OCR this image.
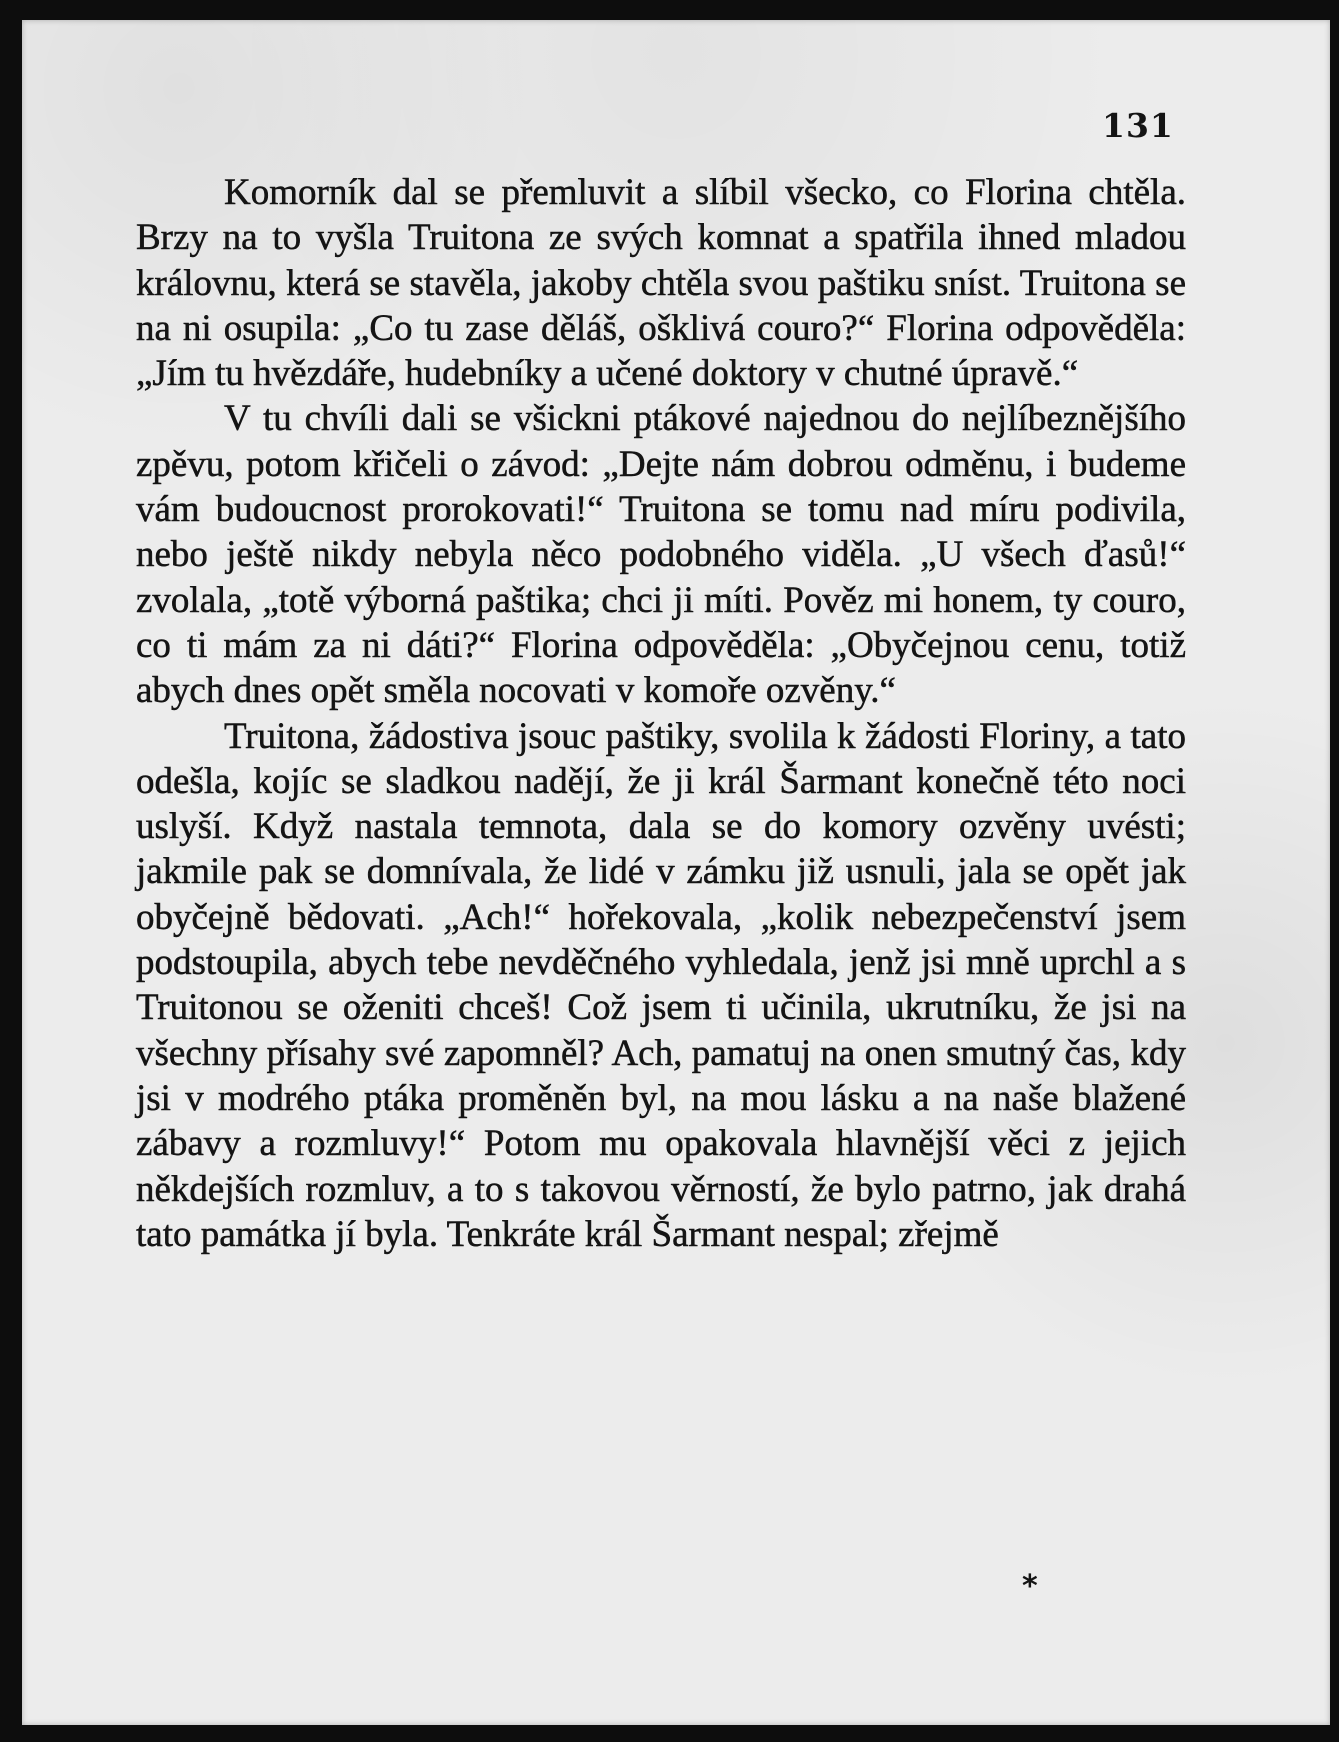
131

Komorník dal se přemluvit a slíbil všecko, co Florina chtěla. Brzy na to vyšla Truitona ze svých komnat a spatřila ihned mladou královnu, která se stavěla, jakoby chtěla svou paštiku sníst. Truitona se na ni osupila: „Co tu zase děláš, ošklivá couro?“ Florina odpověděla: „Jím tu hvězdáře, hudebníky a učené doktory v chutné úpravě.“

V tu chvíli dali se všickni ptákové najednou do nejlíbeznějšího zpěvu, potom křičeli o závod: „Dejte nám dobrou odměnu, i budeme vám budoucnost prorokovati!“ Truitona se tomu nad míru podivila, nebo ještě nikdy nebyla něco podobného viděla. „U všech ďasů!“ zvolala, „totě výborná paštika; chci ji míti. Pověz mi honem, ty couro, co ti mám za ni dáti?“ Florina odpověděla: „Obyčejnou cenu, totiž abych dnes opět směla nocovati v komoře ozvěny.“

Truitona, žádostiva jsouc paštiky, svolila k žádosti Floriny, a tato odešla, kojíc se sladkou nadějí, že ji král Šarmant konečně této noci uslyší. Když nastala temnota, dala se do komory ozvěny uvésti; jakmile pak se domnívala, že lidé v zámku již usnuli, jala se opět jak obyčejně bědovati. „Ach!“ hořekovala, „kolik nebezpečenství jsem podstoupila, abych tebe nevděčného vyhledala, jenž jsi mně uprchl a s Truitonou se oženiti chceš! Což jsem ti učinila, ukrutníku, že jsi na všechny přísahy své zapomněl? Ach, pamatuj na onen smutný čas, kdy jsi v modrého ptáka proměněn byl, na mou lásku a na naše blažené zábavy a rozmluvy!“ Potom mu opakovala hlavnější věci z jejich někdejších rozmluv, a to s takovou věrností, že bylo patrno, jak drahá tato památka jí byla. Tenkráte král Šarmant nespal; zřejmě

*
